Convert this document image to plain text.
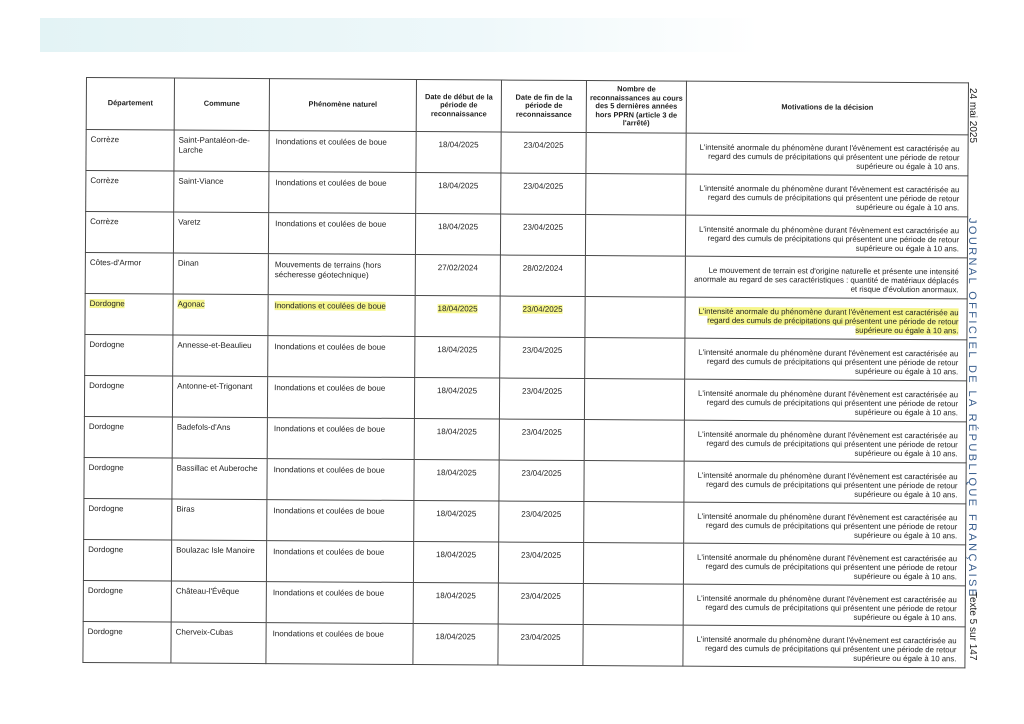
Département	Commune	Phénomène naturel	Date de début de la période de reconnaissance	Date de fin de la période de reconnaissance	Nombre de reconnaissances au cours des 5 dernières années hors PPRN (article 3 de l'arrêté)	Motivations de la décision
Corrèze	Saint-Pantaléon-de-Larche	Inondations et coulées de boue	18/04/2025	23/04/2025		L'intensité anormale du phénomène durant l'évènement est caractérisée au regard des cumuls de précipitations qui présentent une période de retour supérieure ou égale à 10 ans.
Corrèze	Saint-Viance	Inondations et coulées de boue	18/04/2025	23/04/2025		L'intensité anormale du phénomène durant l'évènement est caractérisée au regard des cumuls de précipitations qui présentent une période de retour supérieure ou égale à 10 ans.
Corrèze	Varetz	Inondations et coulées de boue	18/04/2025	23/04/2025		L'intensité anormale du phénomène durant l'évènement est caractérisée au regard des cumuls de précipitations qui présentent une période de retour supérieure ou égale à 10 ans.
Côtes-d'Armor	Dinan	Mouvements de terrains (hors sécheresse géotechnique)	27/02/2024	28/02/2024		Le mouvement de terrain est d'origine naturelle et présente une intensité anormale au regard de ses caractéristiques : quantité de matériaux déplacés et risque d'évolution anormaux.
Dordogne	Agonac	Inondations et coulées de boue	18/04/2025	23/04/2025		L'intensité anormale du phénomène durant l'évènement est caractérisée au regard des cumuls de précipitations qui présentent une période de retour supérieure ou égale à 10 ans.
Dordogne	Annesse-et-Beaulieu	Inondations et coulées de boue	18/04/2025	23/04/2025		L'intensité anormale du phénomène durant l'évènement est caractérisée au regard des cumuls de précipitations qui présentent une période de retour supérieure ou égale à 10 ans.
Dordogne	Antonne-et-Trigonant	Inondations et coulées de boue	18/04/2025	23/04/2025		L'intensité anormale du phénomène durant l'évènement est caractérisée au regard des cumuls de précipitations qui présentent une période de retour supérieure ou égale à 10 ans.
Dordogne	Badefols-d'Ans	Inondations et coulées de boue	18/04/2025	23/04/2025		L'intensité anormale du phénomène durant l'évènement est caractérisée au regard des cumuls de précipitations qui présentent une période de retour supérieure ou égale à 10 ans.
Dordogne	Bassillac et Auberoche	Inondations et coulées de boue	18/04/2025	23/04/2025		L'intensité anormale du phénomène durant l'évènement est caractérisée au regard des cumuls de précipitations qui présentent une période de retour supérieure ou égale à 10 ans.
Dordogne	Biras	Inondations et coulées de boue	18/04/2025	23/04/2025		L'intensité anormale du phénomène durant l'évènement est caractérisée au regard des cumuls de précipitations qui présentent une période de retour supérieure ou égale à 10 ans.
Dordogne	Boulazac Isle Manoire	Inondations et coulées de boue	18/04/2025	23/04/2025		L'intensité anormale du phénomène durant l'évènement est caractérisée au regard des cumuls de précipitations qui présentent une période de retour supérieure ou égale à 10 ans.
Dordogne	Château-l'Évêque	Inondations et coulées de boue	18/04/2025	23/04/2025		L'intensité anormale du phénomène durant l'évènement est caractérisée au regard des cumuls de précipitations qui présentent une période de retour supérieure ou égale à 10 ans.
Dordogne	Cherveix-Cubas	Inondations et coulées de boue	18/04/2025	23/04/2025		L'intensité anormale du phénomène durant l'évènement est caractérisée au regard des cumuls de précipitations qui présentent une période de retour supérieure ou égale à 10 ans.
24 mai 2025
JOURNAL OFFICIEL DE LA RÉPUBLIQUE FRANÇAISE
Texte 5 sur 147
